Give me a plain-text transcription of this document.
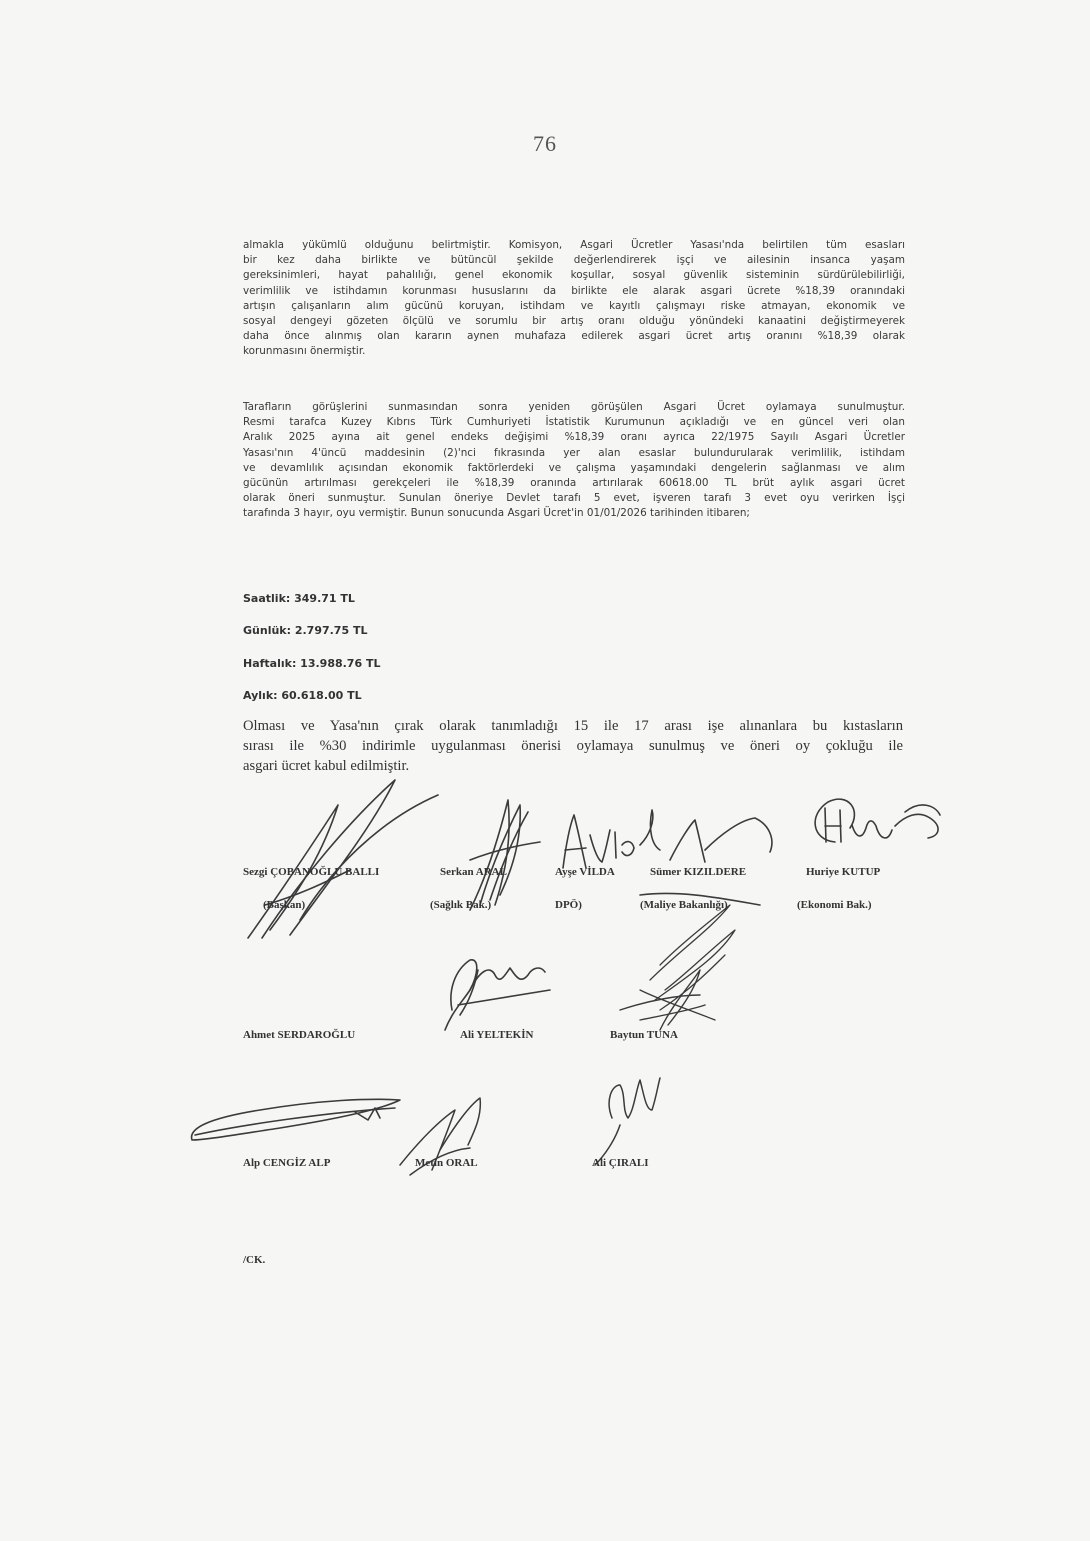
76
almakla yükümlü olduğunu belirtmiştir. Komisyon, Asgari Ücretler Yasası'nda belirtilen tüm esasları
bir kez daha birlikte ve bütüncül şekilde değerlendirerek işçi ve ailesinin insanca yaşam
gereksinimleri, hayat pahalılığı, genel ekonomik koşullar, sosyal güvenlik sisteminin sürdürülebilirliği,
verimlilik ve istihdamın korunması hususlarını da birlikte ele alarak asgari ücrete %18,39 oranındaki
artışın çalışanların alım gücünü koruyan, istihdam ve kayıtlı çalışmayı riske atmayan, ekonomik ve
sosyal dengeyi gözeten ölçülü ve sorumlu bir artış oranı olduğu yönündeki kanaatini değiştirmeyerek
daha önce alınmış olan kararın aynen muhafaza edilerek asgari ücret artış oranını %18,39 olarak
korunmasını önermiştir.
Tarafların görüşlerini sunmasından sonra yeniden görüşülen Asgari Ücret oylamaya sunulmuştur.
Resmi tarafca Kuzey Kıbrıs Türk Cumhuriyeti İstatistik Kurumunun açıkladığı ve en güncel veri olan
Aralık 2025 ayına ait genel endeks değişimi %18,39 oranı ayrıca 22/1975 Sayılı Asgari Ücretler
Yasası'nın 4'üncü maddesinin (2)'nci fıkrasında yer alan esaslar bulundurularak verimlilik, istihdam
ve devamlılık açısından ekonomik faktörlerdeki ve çalışma yaşamındaki dengelerin sağlanması ve alım
gücünün artırılması gerekçeleri ile %18,39 oranında artırılarak 60618.00 TL brüt aylık asgari ücret
olarak öneri sunmuştur. Sunulan öneriye Devlet tarafı 5 evet, işveren tarafı 3 evet oyu verirken İşçi
tarafında 3 hayır, oyu vermiştir. Bunun sonucunda Asgari Ücret'in 01/01/2026 tarihinden itibaren;
Saatlik: 349.71 TL
Günlük: 2.797.75 TL
Haftalık: 13.988.76 TL
Aylık: 60.618.00 TL
Olması ve Yasa'nın çırak olarak tanımladığı 15 ile 17 arası işe alınanlara bu kıstasların
sırası ile %30 indirimle uygulanması önerisi oylamaya sunulmuş ve öneri oy çokluğu ile
asgari ücret kabul edilmiştir.
Sezgi ÇOBANOĞLU BALLI
(Başkan)
Serkan ARAL
(Sağlık Bak.)
Ayşe VİLDA
DPÖ)
Sümer KIZILDERE
(Maliye Bakanlığı)
Huriye KUTUP
(Ekonomi Bak.)
Ahmet SERDAROĞLU	Ali YELTEKİN	Baytun TUNA
Alp CENGİZ ALP	Metin ORAL	Ali ÇIRALI
/CK.
